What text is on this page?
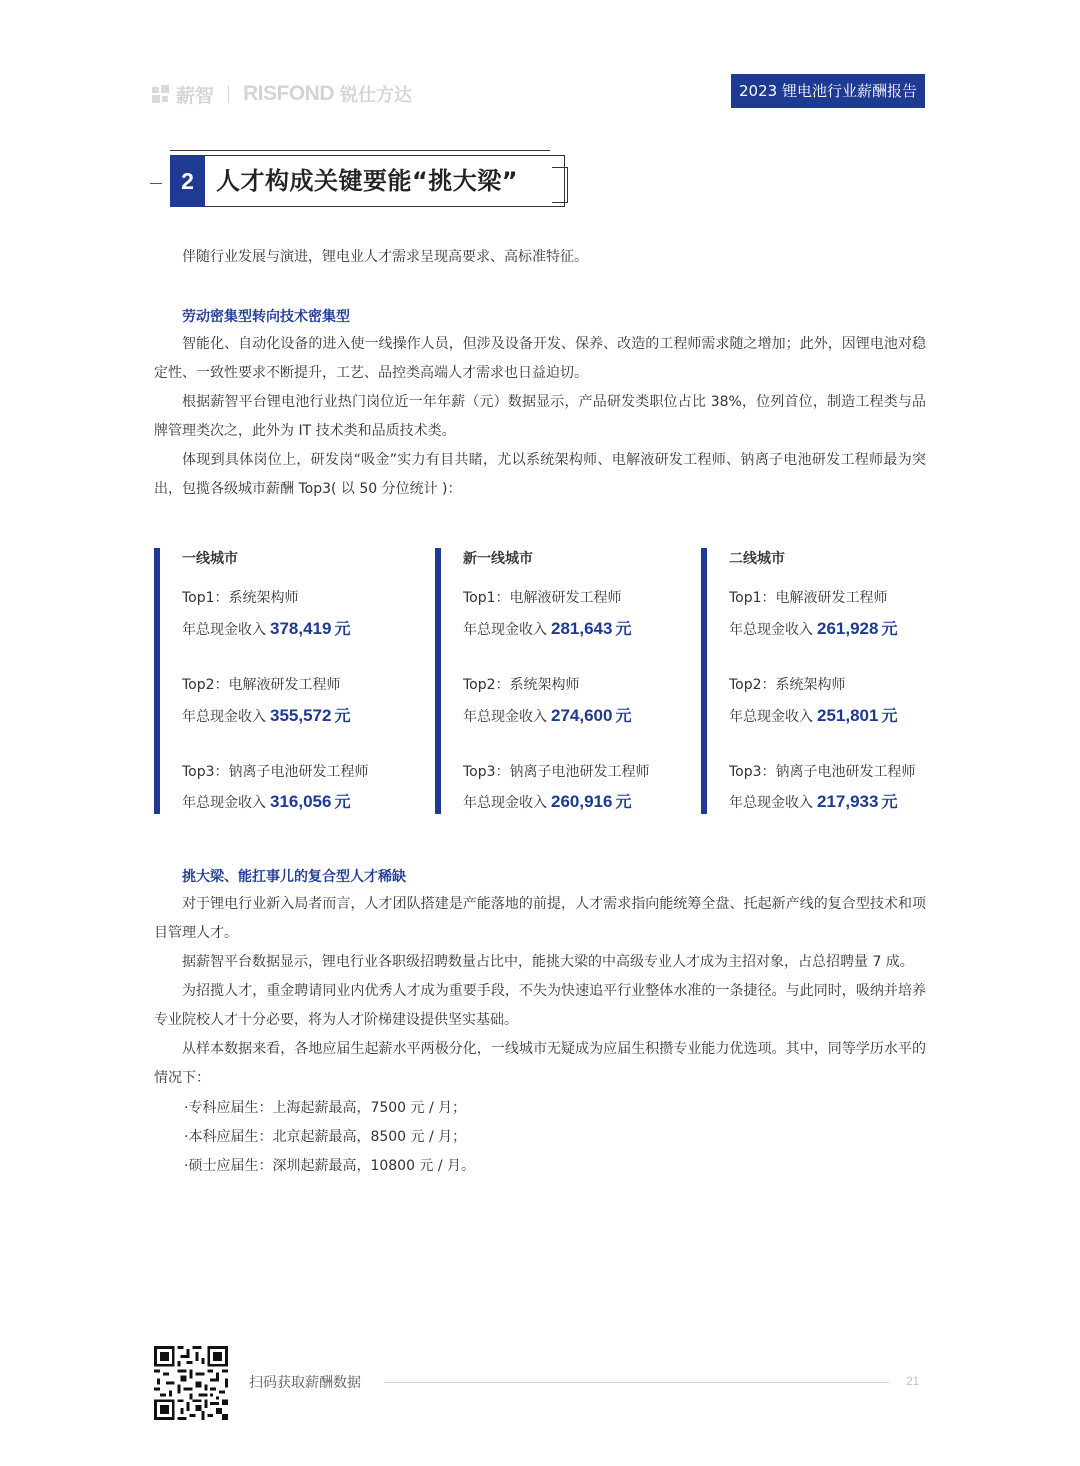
薪智 RISFOND 锐仕方达	2023 锂电池行业薪酬报告
2 人才构成关键要能“挑大梁”

伴随行业发展与演进，锂电业人才需求呈现高要求、高标准特征。

劳动密集型转向技术密集型

智能化、自动化设备的进入使一线操作人员，但涉及设备开发、保养、改造的工程师需求随之增加；此外，因锂电池对稳定性、一致性要求不断提升，工艺、品控类高端人才需求也日益迫切。

根据薪智平台锂电池行业热门岗位近一年年薪（元）数据显示，产品研发类职位占比 38%，位列首位，制造工程类与品牌管理类次之，此外为 IT 技术类和品质技术类。

体现到具体岗位上，研发岗“吸金”实力有目共睹，尤以系统架构师、电解液研发工程师、钠离子电池研发工程师最为突出，包揽各级城市薪酬 Top3( 以 50 分位统计 )：

一线城市
Top1：系统架构师
年总现金收入 378,419 元
Top2：电解液研发工程师
年总现金收入 355,572 元
Top3：钠离子电池研发工程师
年总现金收入 316,056 元
新一线城市
Top1：电解液研发工程师
年总现金收入 281,643 元
Top2：系统架构师
年总现金收入 274,600 元
Top3：钠离子电池研发工程师
年总现金收入 260,916 元
二线城市
Top1：电解液研发工程师
年总现金收入 261,928 元
Top2：系统架构师
年总现金收入 251,801 元
Top3：钠离子电池研发工程师
年总现金收入 217,933 元
挑大梁、能扛事儿的复合型人才稀缺

对于锂电行业新入局者而言，人才团队搭建是产能落地的前提，人才需求指向能统筹全盘、托起新产线的复合型技术和项目管理人才。

据薪智平台数据显示，锂电行业各职级招聘数量占比中，能挑大梁的中高级专业人才成为主招对象，占总招聘量 7 成。

为招揽人才，重金聘请同业内优秀人才成为重要手段，不失为快速追平行业整体水准的一条捷径。与此同时，吸纳并培养专业院校人才十分必要，将为人才阶梯建设提供坚实基础。

从样本数据来看，各地应届生起薪水平两极分化，一线城市无疑成为应届生积攒专业能力优选项。其中，同等学历水平的情况下：

·专科应届生：上海起薪最高，7500 元 / 月；
·本科应届生：北京起薪最高，8500 元 / 月；
·硕士应届生：深圳起薪最高，10800 元 / 月。
扫码获取薪酬数据	21
